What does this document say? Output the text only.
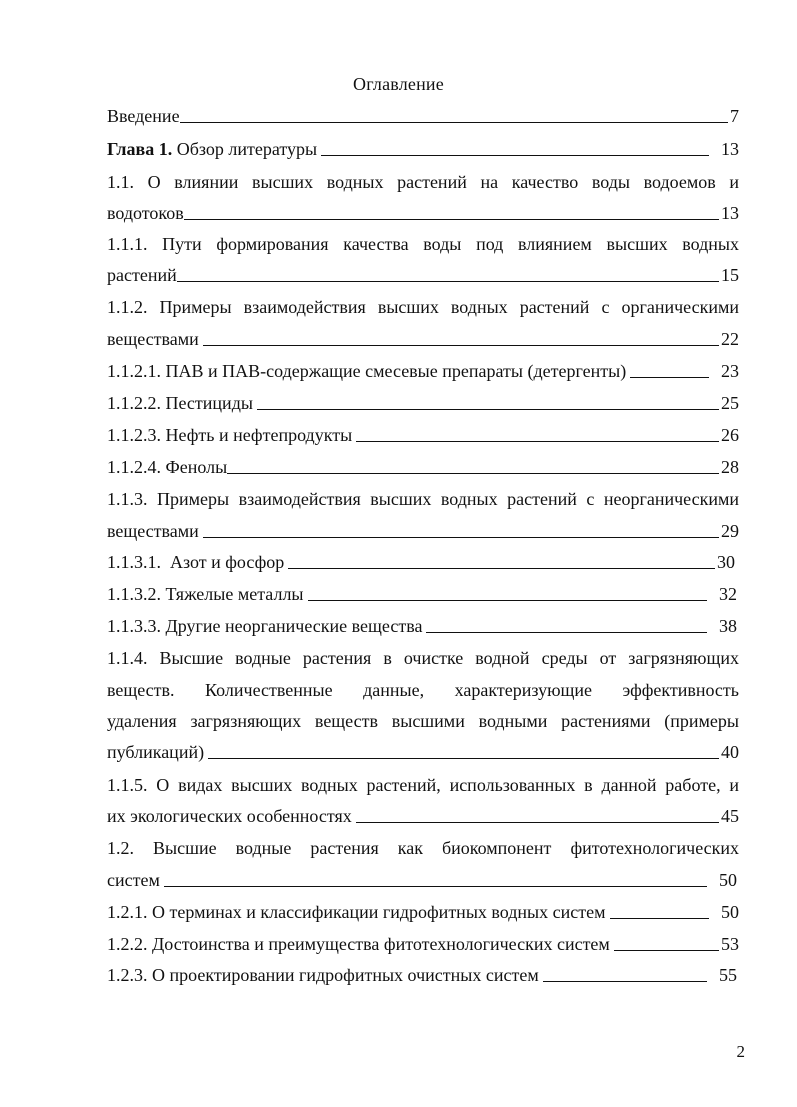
Оглавление
Введение	7
Глава 1. Обзор литературы	13
1.1. О влиянии высших водных растений на качество воды водоемов и
водотоков	13
1.1.1. Пути формирования качества воды под влиянием высших водных
растений	15
1.1.2. Примеры взаимодействия высших водных растений с органическими
веществами	22
1.1.2.1. ПАВ и ПАВ-содержащие смесевые препараты (детергенты)	23
1.1.2.2. Пестициды	25
1.1.2.3. Нефть и нефтепродукты	26
1.1.2.4. Фенолы	28
1.1.3. Примеры взаимодействия высших водных растений с неорганическими
веществами	29
1.1.3.1.  Азот и фосфор	30
1.1.3.2. Тяжелые металлы	32
1.1.3.3. Другие неорганические вещества	38
1.1.4. Высшие водные растения в очистке водной среды от загрязняющих
веществ. Количественные данные, характеризующие эффективность
удаления загрязняющих веществ высшими водными растениями (примеры
публикаций)	40
1.1.5. О видах высших водных растений, использованных в данной работе, и
их экологических особенностях	45
1.2. Высшие водные растения как биокомпонент фитотехнологических
систем	50
1.2.1. О терминах и классификации гидрофитных водных систем	50
1.2.2. Достоинства и преимущества фитотехнологических систем	53
1.2.3. О проектировании гидрофитных очистных систем	55
2
